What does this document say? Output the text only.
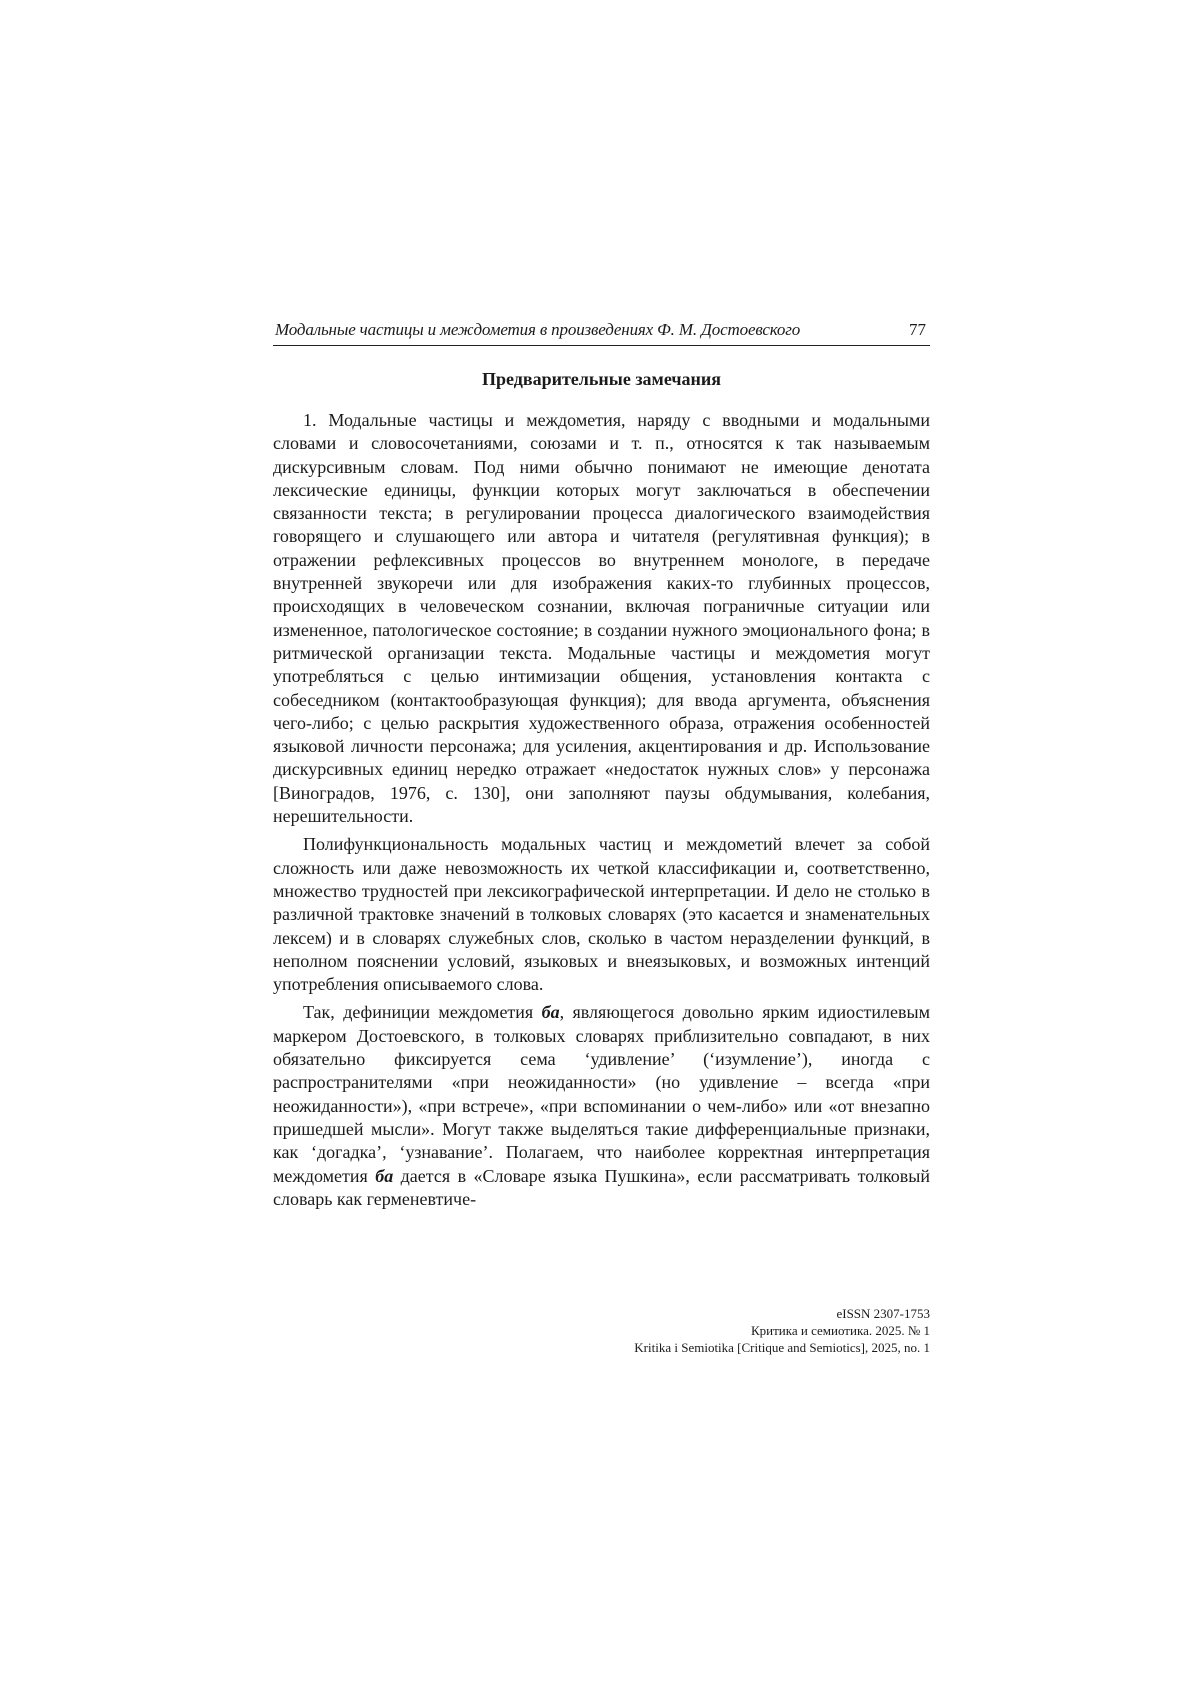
Модальные частицы и междометия в произведениях Ф. М. Достоевского	77
Предварительные замечания

1. Модальные частицы и междометия, наряду с вводными и модальными словами и словосочетаниями, союзами и т. п., относятся к так называемым дискурсивным словам. Под ними обычно понимают не имеющие денотата лексические единицы, функции которых могут заключаться в обеспечении связанности текста; в регулировании процесса диалогического взаимодействия говорящего и слушающего или автора и читателя (регулятивная функция); в отражении рефлексивных процессов во внутреннем монологе, в передаче внутренней звукоречи или для изображения каких-то глубинных процессов, происходящих в человеческом сознании, включая пограничные ситуации или измененное, патологическое состояние; в создании нужного эмоционального фона; в ритмической организации текста. Модальные частицы и междометия могут употребляться с целью интимизации общения, установления контакта с собеседником (контактообразующая функция); для ввода аргумента, объяснения чего-либо; с целью раскрытия художественного образа, отражения особенностей языковой личности персонажа; для усиления, акцентирования и др. Использование дискурсивных единиц нередко отражает «недостаток нужных слов» у персонажа [Виноградов, 1976, с. 130], они заполняют паузы обдумывания, колебания, нерешительности.

Полифункциональность модальных частиц и междометий влечет за собой сложность или даже невозможность их четкой классификации и, соответственно, множество трудностей при лексикографической интерпретации. И дело не столько в различной трактовке значений в толковых словарях (это касается и знаменательных лексем) и в словарях служебных слов, сколько в частом неразделении функций, в неполном пояснении условий, языковых и внеязыковых, и возможных интенций употребления описываемого слова.

Так, дефиниции междометия ба, являющегося довольно ярким идиостилевым маркером Достоевского, в толковых словарях приблизительно совпадают, в них обязательно фиксируется сема ‘удивление’ (‘изумление’), иногда с распространителями «при неожиданности» (но удивление – всегда «при неожиданности»), «при встрече», «при вспоминании о чем-либо» или «от внезапно пришедшей мысли». Могут также выделяться такие дифференциальные признаки, как ‘догадка’, ‘узнавание’. Полагаем, что наиболее корректная интерпретация междометия ба дается в «Словаре языка Пушкина», если рассматривать толковый словарь как герменевтиче-

eISSN 2307-1753
Критика и семиотика. 2025. № 1
Kritika i Semiotika [Critique and Semiotics], 2025, no. 1
